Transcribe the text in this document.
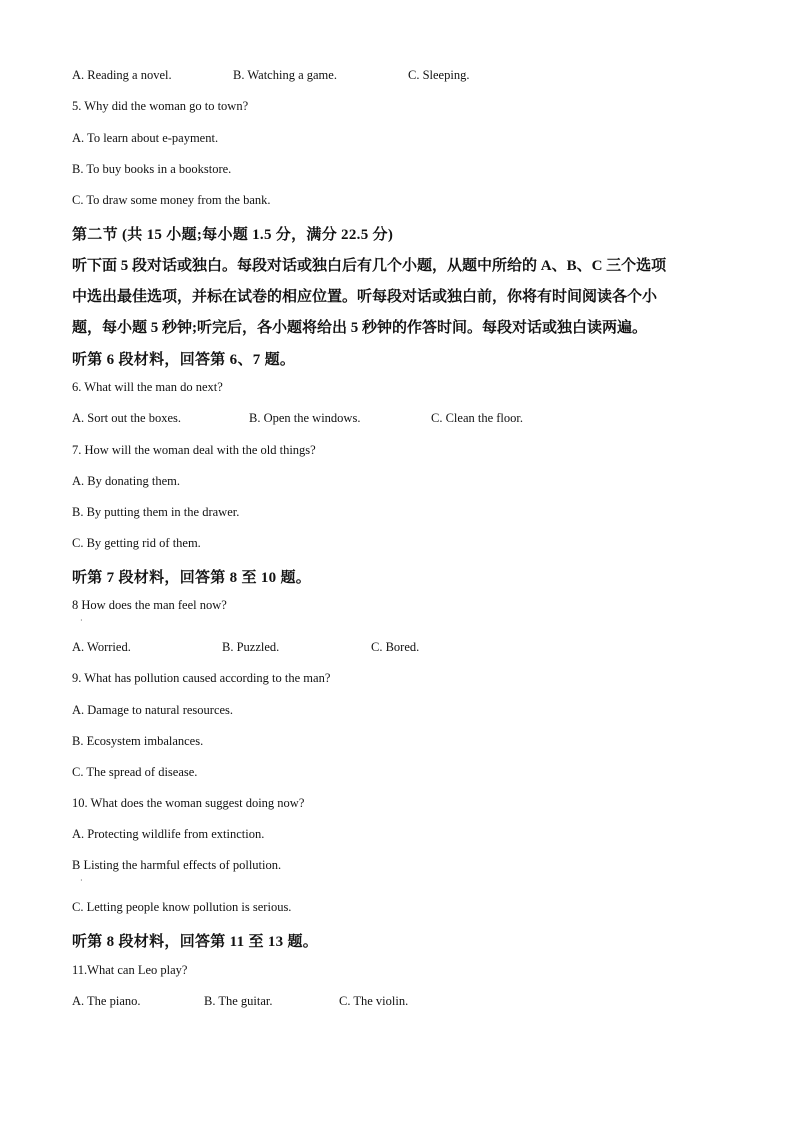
A. Reading a novel.	B. Watching a game.	C. Sleeping.
5. Why did the woman go to town?
A. To learn about e-payment.
B. To buy books in a bookstore.
C. To draw some money from the bank.
第二节 (共 15 小题;每小题 1.5 分，满分 22.5 分)
听下面 5 段对话或独白。每段对话或独白后有几个小题，从题中所给的 A、B、C 三个选项
中选出最佳选项，并标在试卷的相应位置。听每段对话或独白前，你将有时间阅读各个小
题，每小题 5 秒钟;听完后，各小题将给出 5 秒钟的作答时间。每段对话或独白读两遍。
听第 6 段材料，回答第 6、7 题。
6. What will the man do next?
A. Sort out the boxes.	B. Open the windows.	C. Clean the floor.
7. How will the woman deal with the old things?
A. By donating them.
B. By putting them in the drawer.
C. By getting rid of them.
听第 7 段材料，回答第 8 至 10 题。
8 How does the man feel now?
·
A. Worried.	B. Puzzled.	C. Bored.
9. What has pollution caused according to the man?
A. Damage to natural resources.
B. Ecosystem imbalances.
C. The spread of disease.
10. What does the woman suggest doing now?
A. Protecting wildlife from extinction.
B Listing the harmful effects of pollution.
·
C. Letting people know pollution is serious.
听第 8 段材料，回答第 11 至 13 题。
11.What can Leo play?
A. The piano.	B. The guitar.	C. The violin.
